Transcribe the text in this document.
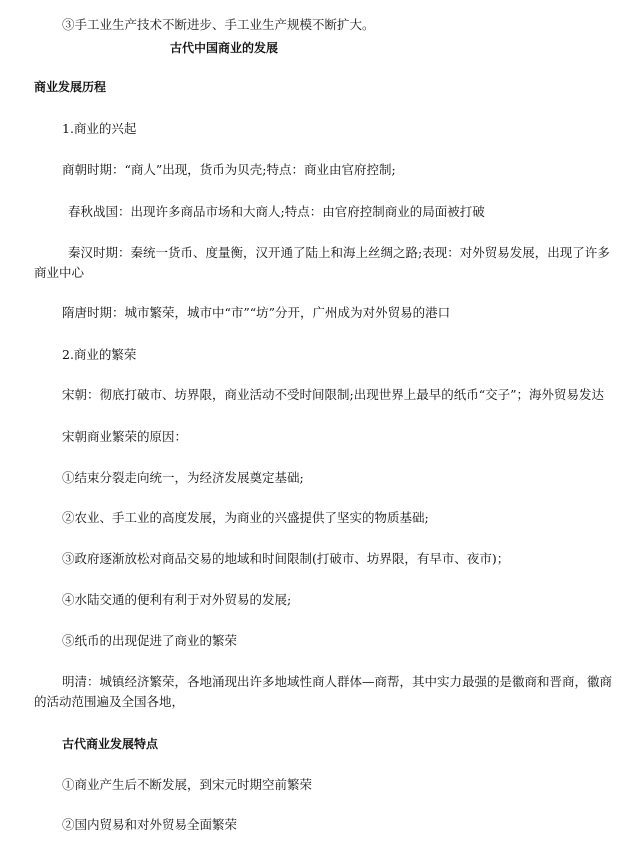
③手工业生产技术不断进步、手工业生产规模不断扩大。
古代中国商业的发展
商业发展历程
1.商业的兴起
商朝时期：“商人”出现，货币为贝壳;特点：商业由官府控制;
春秋战国：出现许多商品市场和大商人;特点：由官府控制商业的局面被打破
秦汉时期：秦统一货币、度量衡，汉开通了陆上和海上丝绸之路;表现：对外贸易发展，出现了许多
商业中心
隋唐时期：城市繁荣，城市中“市”“坊”分开，广州成为对外贸易的港口
2.商业的繁荣
宋朝：彻底打破市、坊界限，商业活动不受时间限制;出现世界上最早的纸币“交子”；海外贸易发达
宋朝商业繁荣的原因：
①结束分裂走向统一，为经济发展奠定基础;
②农业、手工业的高度发展，为商业的兴盛提供了坚实的物质基础;
③政府逐渐放松对商品交易的地域和时间限制(打破市、坊界限，有早市、夜市)；
④水陆交通的便利有利于对外贸易的发展;
⑤纸币的出现促进了商业的繁荣
明清：城镇经济繁荣，各地涌现出许多地域性商人群体—商帮，其中实力最强的是徽商和晋商，徽商
的活动范围遍及全国各地，
古代商业发展特点
①商业产生后不断发展，到宋元时期空前繁荣
②国内贸易和对外贸易全面繁荣
